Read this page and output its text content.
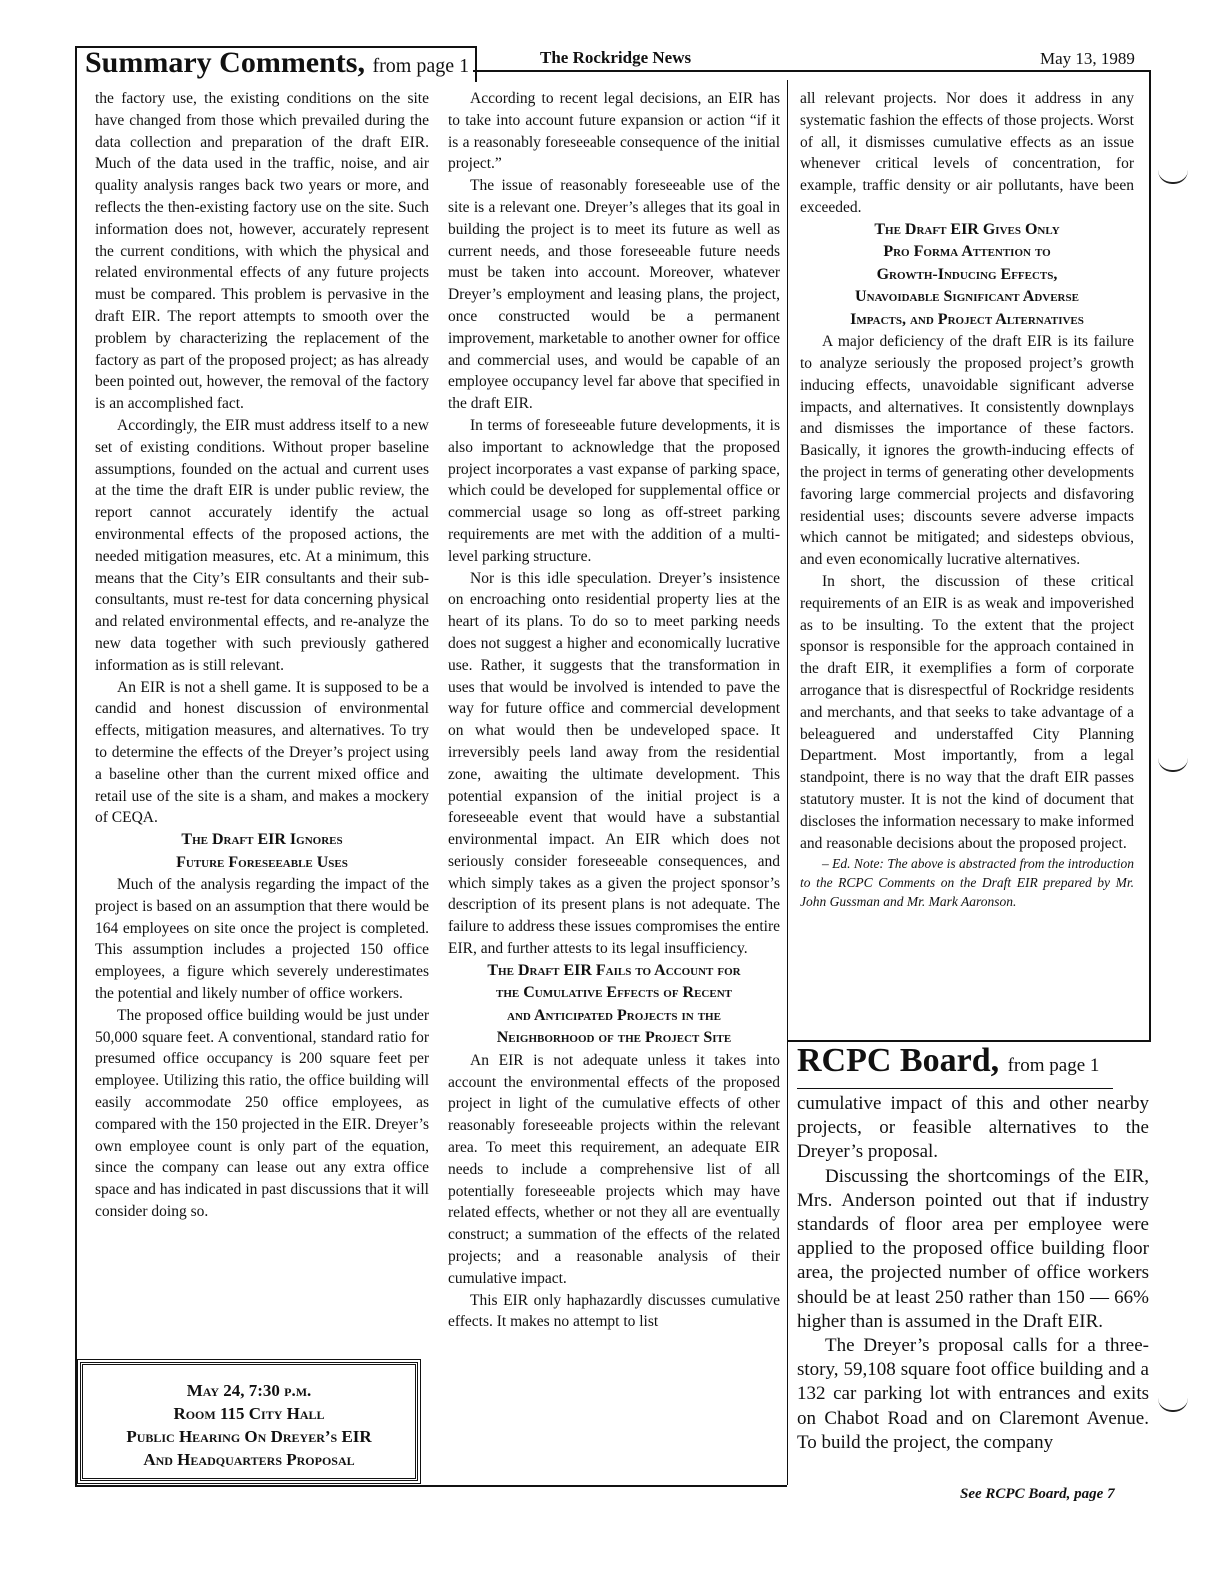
Summary Comments, from page 1	The Rockridge News	May 13, 1989

the factory use, the existing conditions on the site have changed from those which prevailed during the data collection and preparation of the draft EIR. Much of the data used in the traffic, noise, and air quality analysis ranges back two years or more, and reflects the then-existing factory use on the site. Such information does not, however, accurately represent the current conditions, with which the physical and related environmental effects of any future projects must be compared. This problem is pervasive in the draft EIR. The report attempts to smooth over the problem by characterizing the replacement of the factory as part of the proposed project; as has already been pointed out, however, the removal of the factory is an accomplished fact.

Accordingly, the EIR must address itself to a new set of existing conditions. Without proper baseline assumptions, founded on the actual and current uses at the time the draft EIR is under public review, the report cannot accurately identify the actual environmental effects of the proposed actions, the needed mitigation measures, etc. At a minimum, this means that the City’s EIR consultants and their sub-consultants, must re-test for data concerning physical and related environmental effects, and re-analyze the new data together with such previously gathered information as is still relevant.

An EIR is not a shell game. It is supposed to be a candid and honest discussion of environmental effects, mitigation measures, and alternatives. To try to determine the effects of the Dreyer’s project using a baseline other than the current mixed office and retail use of the site is a sham, and makes a mockery of CEQA.

The Draft EIR Ignores
Future Foreseeable Uses

Much of the analysis regarding the impact of the project is based on an assumption that there would be 164 employees on site once the project is completed. This assumption includes a projected 150 office employees, a figure which severely underestimates the potential and likely number of office workers.

The proposed office building would be just under 50,000 square feet. A conventional, standard ratio for presumed office occupancy is 200 square feet per employee. Utilizing this ratio, the office building will easily accommodate 250 office employees, as compared with the 150 projected in the EIR. Dreyer’s own employee count is only part of the equation, since the company can lease out any extra office space and has indicated in past discussions that it will consider doing so.

May 24, 7:30 p.m.
Room 115 City Hall
Public Hearing On Dreyer’s EIR
And Headquarters Proposal

According to recent legal decisions, an EIR has to take into account future expansion or action “if it is a reasonably foreseeable consequence of the initial project.”

The issue of reasonably foreseeable use of the site is a relevant one. Dreyer’s alleges that its goal in building the project is to meet its future as well as current needs, and those foreseeable future needs must be taken into account. Moreover, whatever Dreyer’s employment and leasing plans, the project, once constructed would be a permanent improvement, marketable to another owner for office and commercial uses, and would be capable of an employee occupancy level far above that specified in the draft EIR.

In terms of foreseeable future developments, it is also important to acknowledge that the proposed project incorporates a vast expanse of parking space, which could be developed for supplemental office or commercial usage so long as off-street parking requirements are met with the addition of a multi-level parking structure.

Nor is this idle speculation. Dreyer’s insistence on encroaching onto residential property lies at the heart of its plans. To do so to meet parking needs does not suggest a higher and economically lucrative use. Rather, it suggests that the transformation in uses that would be involved is intended to pave the way for future office and commercial development on what would then be undeveloped space. It irreversibly peels land away from the residential zone, awaiting the ultimate development. This potential expansion of the initial project is a foreseeable event that would have a substantial environmental impact. An EIR which does not seriously consider foreseeable consequences, and which simply takes as a given the project sponsor’s description of its present plans is not adequate. The failure to address these issues compromises the entire EIR, and further attests to its legal insufficiency.

The Draft EIR Fails to Account for
the Cumulative Effects of Recent
and Anticipated Projects in the
Neighborhood of the Project Site

An EIR is not adequate unless it takes into account the environmental effects of the proposed project in light of the cumulative effects of other reasonably foreseeable projects within the relevant area. To meet this requirement, an adequate EIR needs to include a comprehensive list of all potentially foreseeable projects which may have related effects, whether or not they all are eventually construct; a summation of the effects of the related projects; and a reasonable analysis of their cumulative impact.

This EIR only haphazardly discusses cumulative effects. It makes no attempt to list

all relevant projects. Nor does it address in any systematic fashion the effects of those projects. Worst of all, it dismisses cumulative effects as an issue whenever critical levels of concentration, for example, traffic density or air pollutants, have been exceeded.

The Draft EIR Gives Only
Pro Forma Attention to
Growth-Inducing Effects,
Unavoidable Significant Adverse
Impacts, and Project Alternatives

A major deficiency of the draft EIR is its failure to analyze seriously the proposed project’s growth inducing effects, unavoidable significant adverse impacts, and alternatives. It consistently downplays and dismisses the importance of these factors. Basically, it ignores the growth-inducing effects of the project in terms of generating other developments favoring large commercial projects and disfavoring residential uses; discounts severe adverse impacts which cannot be mitigated; and sidesteps obvious, and even economically lucrative alternatives.

In short, the discussion of these critical requirements of an EIR is as weak and impoverished as to be insulting. To the extent that the project sponsor is responsible for the approach contained in the draft EIR, it exemplifies a form of corporate arrogance that is disrespectful of Rockridge residents and merchants, and that seeks to take advantage of a beleaguered and understaffed City Planning Department. Most importantly, from a legal standpoint, there is no way that the draft EIR passes statutory muster. It is not the kind of document that discloses the information necessary to make informed and reasonable decisions about the proposed project.

– Ed. Note: The above is abstracted from the introduction to the RCPC Comments on the Draft EIR prepared by Mr. John Gussman and Mr. Mark Aaronson.

RCPC Board, from page 1

cumulative impact of this and other nearby projects, or feasible alternatives to the Dreyer’s proposal.

Discussing the shortcomings of the EIR, Mrs. Anderson pointed out that if industry standards of floor area per employee were applied to the proposed office building floor area, the projected number of office workers should be at least 250 rather than 150 — 66% higher than is assumed in the Draft EIR.

The Dreyer’s proposal calls for a three-story, 59,108 square foot office building and a 132 car parking lot with entrances and exits on Chabot Road and on Claremont Avenue. To build the project, the company

See RCPC Board, page 7
